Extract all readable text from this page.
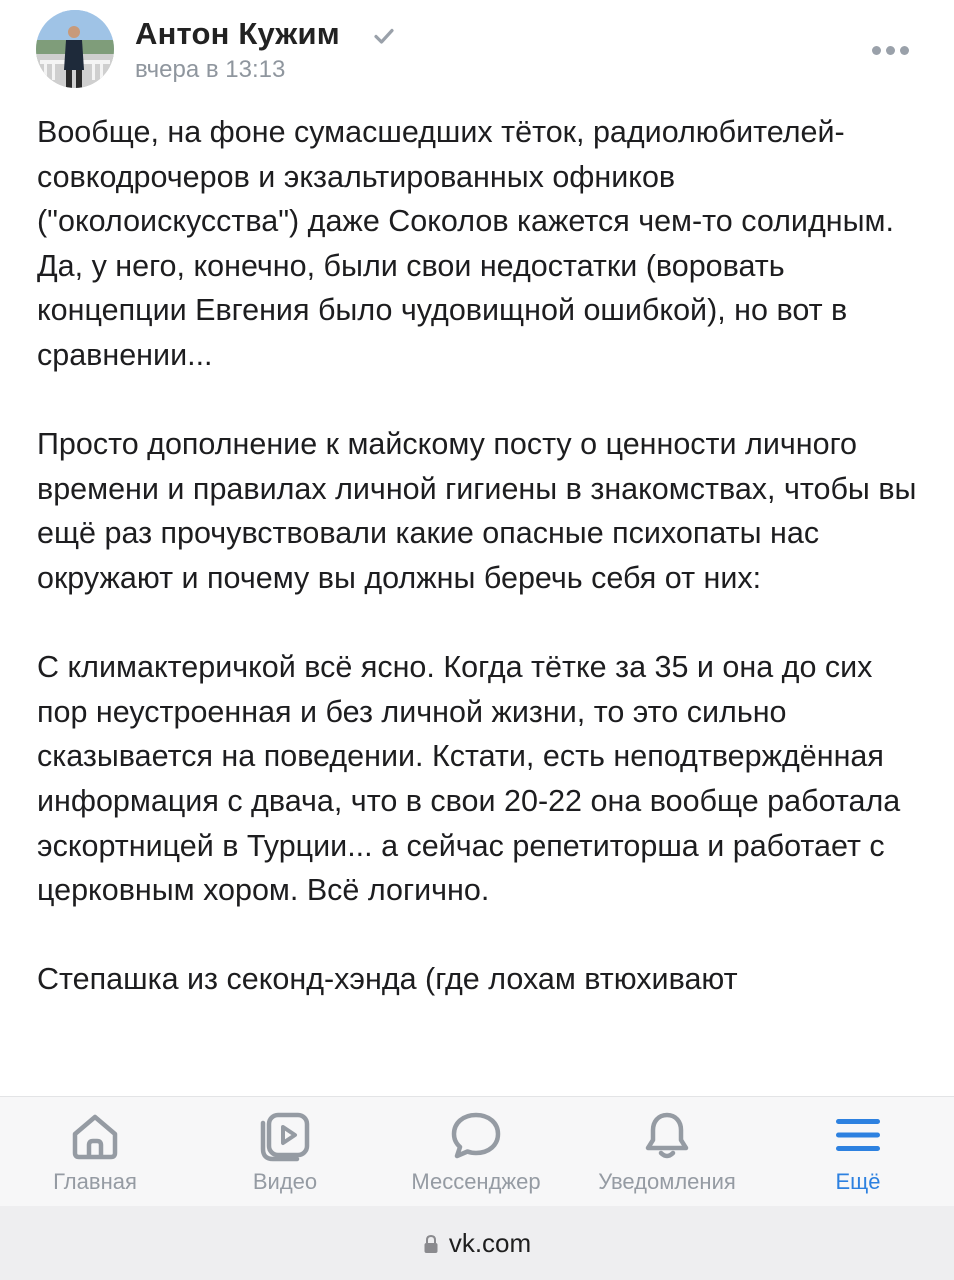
Антон Кужим
вчера в 13:13

Вообще, на фоне сумасшедших тёток, радиолюбителей-совкодрочеров и экзальтированных офников ("околоискусства") даже Соколов кажется чем-то солидным. Да, у него, конечно, были свои недостатки (воровать концепции Евгения было чудовищной ошибкой), но вот в сравнении...

Просто дополнение к майскому посту о ценности личного времени и правилах личной гигиены в знакомствах, чтобы вы ещё раз прочувствовали какие опасные психопаты нас окружают и почему вы должны беречь себя от них:

С климактеричкой всё ясно. Когда тётке за 35 и она до сих пор неустроенная и без личной жизни, то это сильно сказывается на поведении. Кстати, есть неподтверждённая информация с двача, что в свои 20-22 она вообще работала эскортницей в Турции... а сейчас репетиторша и работает с церковным хором. Всё логично.

Степашка из секонд-хэнда (где лохам втюхивают

Главная	Видео	Мессенджер	Уведомления	Ещё
vk.com
